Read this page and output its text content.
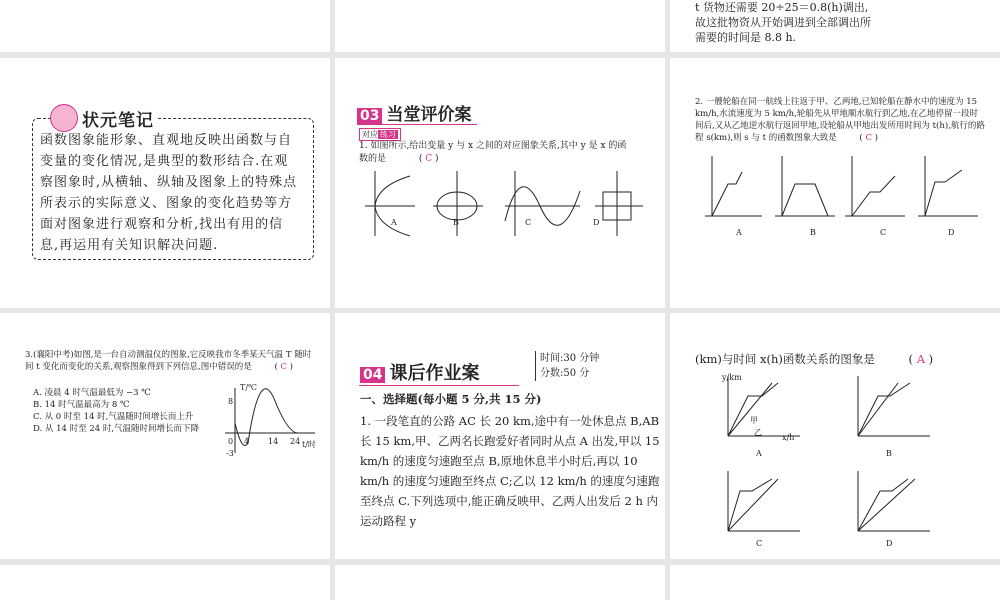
t 货物还需要 20÷25＝0.8(h)调出,
故这批物资从开始调进到全部调出所
需要的时间是 8.8 h.
状元笔记
函数图象能形象、直观地反映出函数与自变量的变化情况,是典型的数形结合.在观察图象时,从横轴、纵轴及图象上的特殊点所表示的实际意义、图象的变化趋势等方面对图象进行观察和分析,找出有用的信息,再运用有关知识解决问题.
03 当堂评价案
对应 练习
1. 如图所示,给出变量 y 与 x 之间的对应图象关系,其中 y 是 x 的函数的是	( C )
A	B	C	D
2. 一艘轮船在同一航线上往返于甲、乙两地,已知轮船在静水中的速度为 15 km/h,水流速度为 5 km/h,轮船先从甲地顺水航行到乙地,在乙地停留一段时间后,又从乙地逆水航行返回甲地,设轮船从甲地出发所用时间为 t(h),航行的路程 s(km),则 s 与 t 的函数图象大致是	( C )
A	B	C	D
3.(襄阳中考)如图,是一台自动测温仪的图象,它反映我市冬季某天气温 T 随时间 t 变化而变化的关系,观察图象得到下列信息,图中错误的是	( C )
A. 凌晨 4 时气温最低为 −3 ℃
B. 14 时气温最高为 8 ℃
C. 从 0 时至 14 时,气温随时间增长而上升
D. 从 14 时至 24 时,气温随时间增长而下降
T/℃
t/时
8
0 4 14 24
-3
04 课后作业案
时间:30 分钟
分数:50 分
一、选择题(每小题 5 分,共 15 分)
1. 一段笔直的公路 AC 长 20 km,途中有一处休息点 B,AB 长 15 km,甲、乙两名长跑爱好者同时从点 A 出发,甲以 15 km/h 的速度匀速跑至点 B,原地休息半小时后,再以 10 km/h 的速度匀速跑至终点 C;乙以 12 km/h 的速度匀速跑至终点 C.下列选项中,能正确反映甲、乙两人出发后 2 h 内运动路程 y
(km)与时间 x(h)函数关系的图象是	( A )
y/km
x/h
甲
乙
A	B
C	D
